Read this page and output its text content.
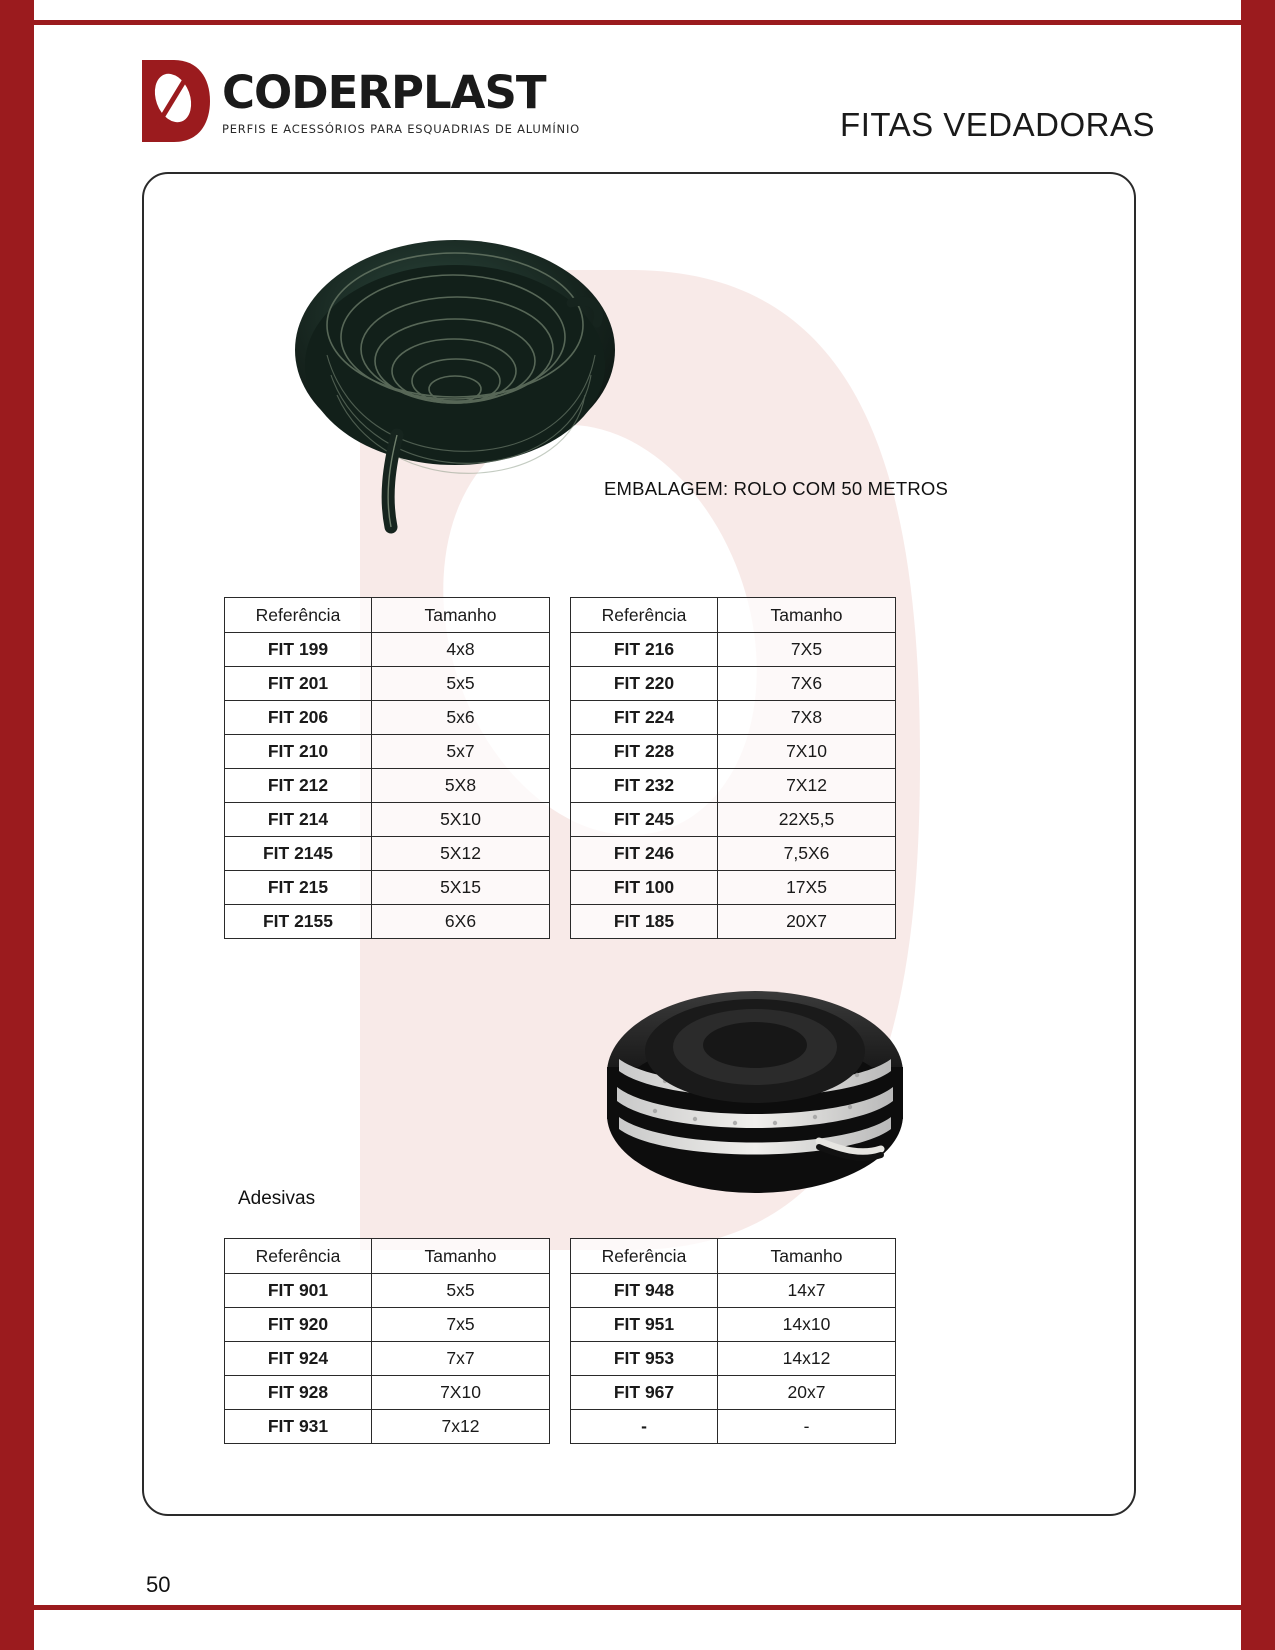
CODERPLAST
PERFIS E ACESSÓRIOS PARA ESQUADRIAS DE ALUMÍNIO	FITAS VEDADORAS
EMBALAGEM: ROLO COM 50 METROS
Referência	Tamanho
FIT 199	4x8
FIT 201	5x5
FIT 206	5x6
FIT 210	5x7
FIT 212	5X8
FIT 214	5X10
FIT 2145	5X12
FIT 215	5X15
FIT 2155	6X6
Referência	Tamanho
FIT 216	7X5
FIT 220	7X6
FIT 224	7X8
FIT 228	7X10
FIT 232	7X12
FIT 245	22X5,5
FIT 246	7,5X6
FIT 100	17X5
FIT 185	20X7
Adesivas
Referência	Tamanho
FIT 901	5x5
FIT 920	7x5
FIT 924	7x7
FIT 928	7X10
FIT 931	7x12
Referência	Tamanho
FIT 948	14x7
FIT 951	14x10
FIT 953	14x12
FIT 967	20x7
-	-
50
